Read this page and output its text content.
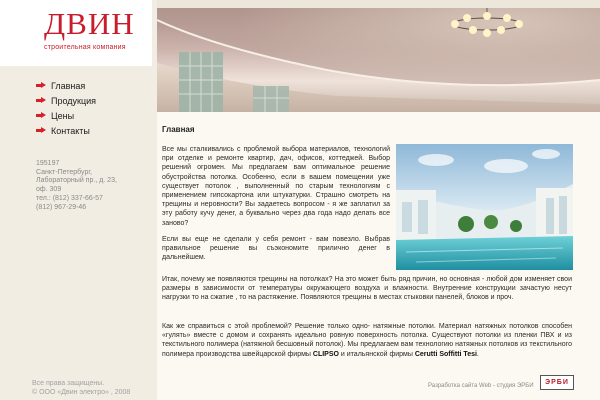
ДВИН
строительная компания
Главная
Продукция
Цены
Контакты
195197
Санкт-Петербург,
Лабораторный пр., д. 23,
оф. 309
тел.: (812) 337-66-57
(812) 967-29-46
Все права защищены.
© ООО «Двин электро» , 2008
Главная

Все мы сталкивались с проблемой выбора материалов, технологий при отделке и ремонте квартир, дач, офисов, коттеджей. Выбор решений огромен. Мы предлагаем вам оптимальное решение обустройства потолка. Особенно, если в вашем помещении уже существует потолок , выполненный по старым технологиям с применением гипсокартона или штукатурки. Страшно смотреть на трещины и неровности? Вы задаетесь вопросом - я же заплатил за эту работу кучу денег, а буквально через два года надо делать все заново?

Если вы еще не сделали у себя ремонт - вам повезло. Выбрав правильное решение вы съэкономите прилично денег в дальнейшем.

Итак, почему же появляются трещины на потолках? На это может быть ряд причин, но основная - любой дом изменяет свои размеры в зависимости от температуры окружающего воздуха и влажности. Внутренние конструкции зачастую несут нагрузки то на сжатие , то на растяжение. Появляются трещины в местах стыковки панелей, блоков и проч.

Как же справиться с этой проблемой? Решение только одно- натяжные потолки. Материал натяжных потолков способен «гулять» вместе с домом и сохранять идеально ровную поверхность потолка. Существуют потолки из пленки ПВХ и из текстильного полимера (натяжной бесшовный потолок). Мы предлагаем вам технологию натяжных потолков из текстильного полимера производства швейцарской фирмы CLIPSO и итальянской фирмы Cerutti Soffitti Tesi.

Разработка сайта Web - студия ЭРБИ	ЭРБИ
